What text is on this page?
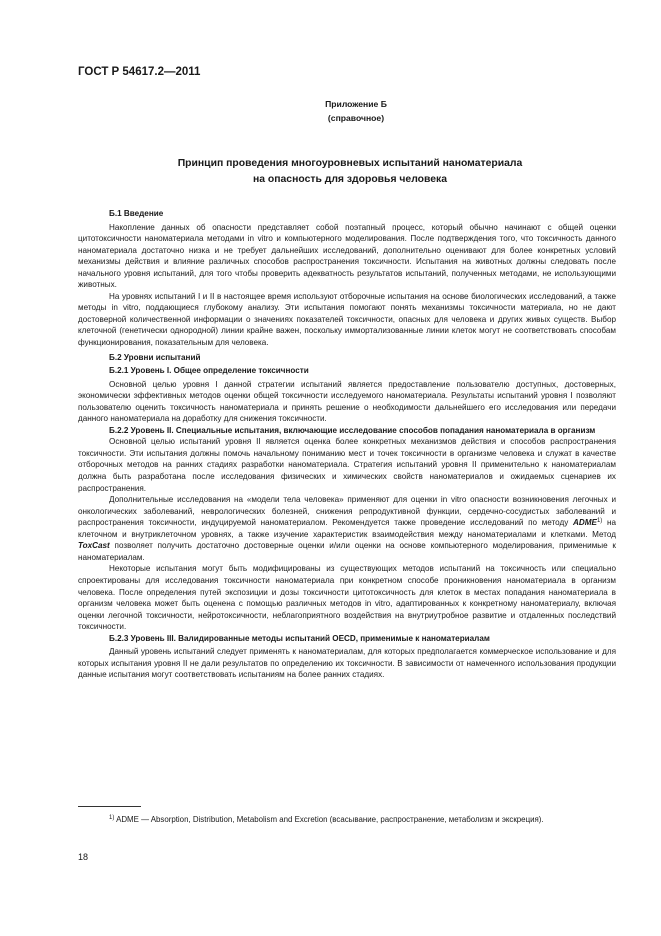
ГОСТ Р 54617.2—2011
Приложение Б
(справочное)
Принцип проведения многоуровневых испытаний наноматериала
на опасность для здоровья человека

Б.1 Введение

Накопление данных об опасности представляет собой поэтапный процесс, который обычно начинают с общей оценки цитотоксичности наноматериала методами in vitro и компьютерного моделирования. После подтверждения того, что токсичность данного наноматериала достаточно низка и не требует дальнейших исследований, дополнительно оценивают для более конкретных условий механизмы действия и влияние различных способов распространения токсичности. Испытания на животных должны следовать после начального уровня испытаний, для того чтобы проверить адекватность результатов испытаний, полученных методами, не использующими животных.

На уровнях испытаний I и II в настоящее время используют отборочные испытания на основе биологических исследований, а также методы in vitro, поддающиеся глубокому анализу. Эти испытания помогают понять механизмы токсичности материала, но не дают достоверной количественной информации о значениях показателей токсичности, опасных для человека и других живых существ. Выбор клеточной (генетически однородной) линии крайне важен, поскольку иммортализованные линии клеток могут не соответствовать способам функционирования, показательным для человека.

Б.2 Уровни испытаний

Б.2.1 Уровень I. Общее определение токсичности

Основной целью уровня I данной стратегии испытаний является предоставление пользователю доступных, достоверных, экономически эффективных методов оценки общей токсичности исследуемого наноматериала. Результаты испытаний уровня I позволяют пользователю оценить токсичность наноматериала и принять решение о необходимости дальнейшего его исследования или передачи данного наноматериала на доработку для снижения токсичности.

Б.2.2 Уровень II. Специальные испытания, включающие исследование способов попадания наноматериала в организм

Основной целью испытаний уровня II является оценка более конкретных механизмов действия и способов распространения токсичности. Эти испытания должны помочь начальному пониманию мест и точек токсичности в организме человека и служат в качестве отборочных методов на ранних стадиях разработки наноматериала. Стратегия испытаний уровня II применительно к наноматериалам должна быть разработана после исследования физических и химических свойств наноматериалов и ожидаемых сценариев их распространения.

Дополнительные исследования на «модели тела человека» применяют для оценки in vitro опасности возникновения легочных и онкологических заболеваний, неврологических болезней, снижения репродуктивной функции, сердечно-сосудистых заболеваний и распространения токсичности, индуцируемой наноматериалом. Рекомендуется также проведение исследований по методу ADME$^{1)}$ на клеточном и внутриклеточном уровнях, а также изучение характеристик взаимодействия между наноматериалами и клетками. Метод ToxCast позволяет получить достаточно достоверные оценки и/или оценки на основе компьютерного моделирования, применимые к наноматериалам.

Некоторые испытания могут быть модифицированы из существующих методов испытаний на токсичность или специально спроектированы для исследования токсичности наноматериала при конкретном способе проникновения наноматериала в организм человека. После определения путей экспозиции и дозы токсичности цитотоксичность для клеток в местах попадания наноматериала в организм человека может быть оценена с помощью различных методов in vitro, адаптированных к конкретному наноматериалу, включая оценки легочной токсичности, нейротоксичности, неблагоприятного воздействия на внутриутробное развитие и отдаленных последствий токсичности.

Б.2.3 Уровень III. Валидированные методы испытаний OECD, применимые к наноматериалам

Данный уровень испытаний следует применять к наноматериалам, для которых предполагается коммерческое использование и для которых испытания уровня II не дали результатов по определению их токсичности. В зависимости от намеченного использования продукции данные испытания могут соответствовать испытаниям на более ранних стадиях.

$^{1)}$ ADME — Absorption, Distribution, Metabolism and Excretion (всасывание, распространение, метаболизм и экскреция).
18
